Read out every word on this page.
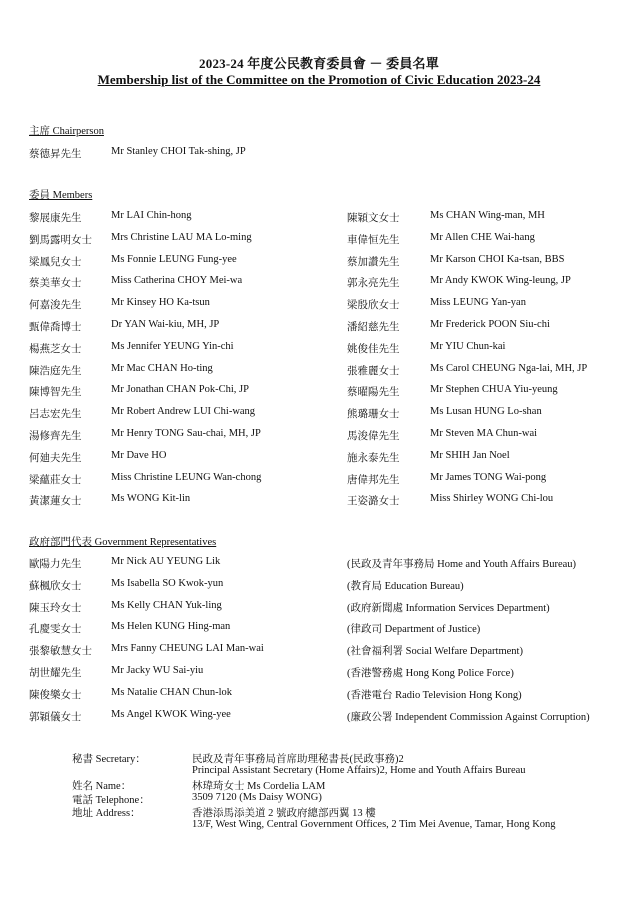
2023-24 年度公民教育委員會 － 委員名單
Membership list of the Committee on the Promotion of Civic Education 2023-24
主席 Chairperson
蔡德昇先生	Mr Stanley CHOI Tak-shing, JP
委員 Members
黎展康先生	Mr LAI Chin-hong
劉馬露明女士 Mrs Christine LAU MA Lo-ming
梁鳳兒女士	Ms Fonnie LEUNG Fung-yee
蔡美華女士	Miss Catherina CHOY Mei-wa
何嘉浚先生	Mr Kinsey HO Ka-tsun
甄偉喬博士	Dr YAN Wai-kiu, MH, JP
楊燕芝女士	Ms Jennifer YEUNG Yin-chi
陳浩庭先生	Mr Mac CHAN Ho-ting
陳博智先生	Mr Jonathan CHAN Pok-Chi, JP
呂志宏先生	Mr Robert Andrew LUI Chi-wang
湯修齊先生	Mr Henry TONG Sau-chai, MH, JP
何廸夫先生	Mr Dave HO
梁蘊莊女士	Miss Christine LEUNG Wan-chong
黃潔蓮女士	Ms WONG Kit-lin
陳穎文女士	Ms CHAN Wing-man, MH
車偉恒先生	Mr Allen CHE Wai-hang
蔡加讚先生	Mr Karson CHOI Ka-tsan, BBS
郭永亮先生	Mr Andy KWOK Wing-leung, JP
梁殷欣女士	Miss LEUNG Yan-yan
潘紹慈先生	Mr Frederick POON Siu-chi
姚俊佳先生	Mr YIU Chun-kai
張雅麗女士	Ms Carol CHEUNG Nga-lai, MH, JP
蔡曜陽先生	Mr Stephen CHUA Yiu-yeung
熊璐珊女士	Ms Lusan HUNG Lo-shan
馬浚偉先生	Mr Steven MA Chun-wai
施永泰先生	Mr SHIH Jan Noel
唐偉邦先生	Mr James TONG Wai-pong
王姿潞女士	Miss Shirley WONG Chi-lou
政府部門代表 Government Representatives
歐陽力先生	Mr Nick AU YEUNG Lik	(民政及青年事務局 Home and Youth Affairs Bureau)
蘇楓欣女士	Ms Isabella SO Kwok-yun	(教育局 Education Bureau)
陳玉玲女士	Ms Kelly CHAN Yuk-ling	(政府新聞處 Information Services Department)
孔慶雯女士	Ms Helen KUNG Hing-man	(律政司 Department of Justice)
張黎敏慧女士 Mrs Fanny CHEUNG LAI Man-wai	(社會福利署 Social Welfare Department)
胡世耀先生	Mr Jacky WU Sai-yiu	(香港警務處 Hong Kong Police Force)
陳俊樂女士	Ms Natalie CHAN Chun-lok	(香港電台 Radio Television Hong Kong)
郭穎儀女士	Ms Angel KWOK Wing-yee	(廉政公署 Independent Commission Against Corruption)
秘書 Secretary：	民政及青年事務局首席助理秘書長(民政事務)2
Principal Assistant Secretary (Home Affairs)2, Home and Youth Affairs Bureau
姓名 Name：	林瑋琦女士 Ms Cordelia LAM
電話 Telephone：	3509 7120 (Ms Daisy WONG)
地址 Address：	香港添馬添美道 2 號政府總部西翼 13 樓
13/F, West Wing, Central Government Offices, 2 Tim Mei Avenue, Tamar, Hong Kong
